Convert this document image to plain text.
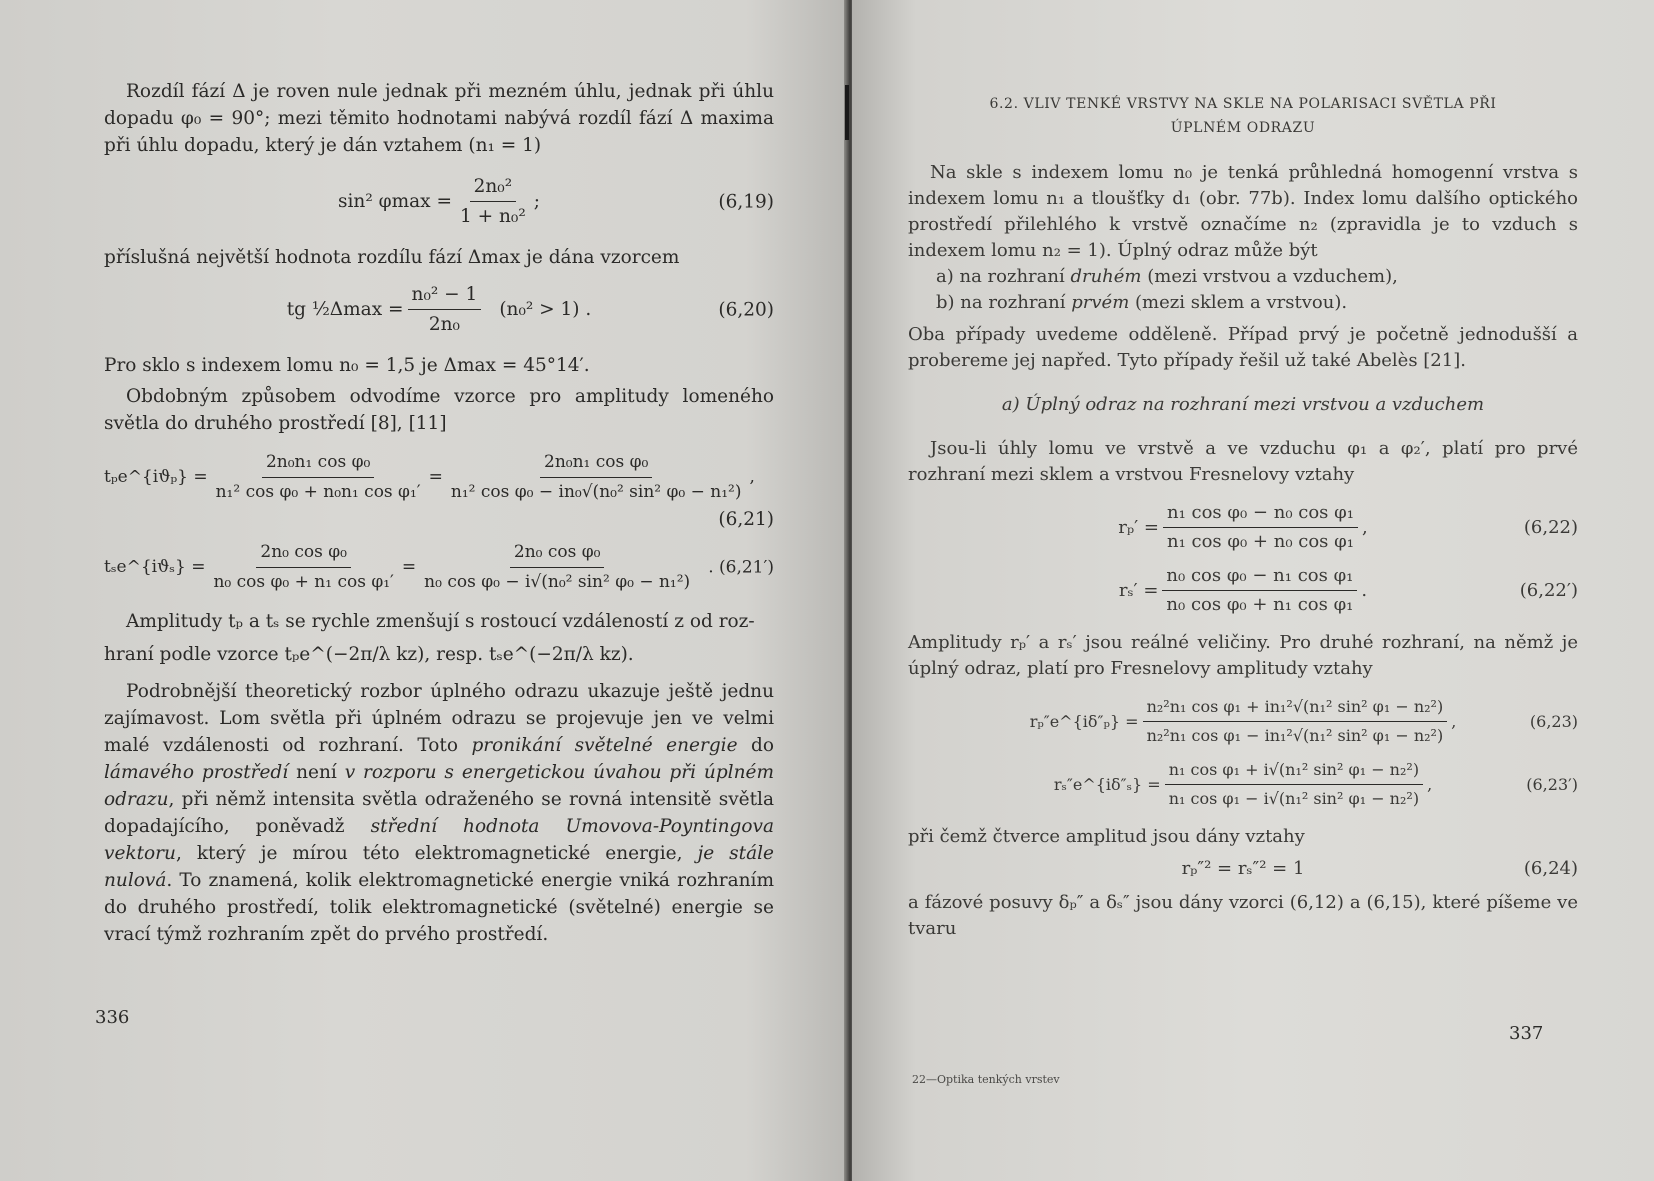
Rozdíl fází Δ je roven nule jednak při mezném úhlu, jednak při úhlu dopadu φ₀ = 90°; mezi těmito hodnotami nabývá rozdíl fází Δ maxima při úhlu dopadu, který je dán vztahem (n₁ = 1)

sin² $\varphi\max = \frac{\text{2n₀²}}{\text{1 + n₀²}}$ ;	(6,19)

příslušná největší hodnota rozdílu fází Δmax je dána vzorcem

tg ½Δmax = $\frac{\text{n₀² − 1}}{\text{2n₀}} (n_0^2 > 1)$ .	(6,20)

Pro sklo s indexem lomu n₀ = 1,5 je Δmax = 45°14′.

Obdobným způsobem odvodíme vzorce pro amplitudy lomeného světla do druhého prostředí [8], [11]

tₚe^{iϑₚ} = $\frac{\text{2n₀n₁ cos φ₀}}{\text{n₁² cos φ₀ + n₀n₁ cos φ₁′}} = \frac{\text{2n₀n₁ cos φ₀}}{\text{n₁² cos φ₀ − in₀√(n₀² sin² φ₀ − n₁²)}}$ ,
(6,21)
tₛe^{iϑₛ} = $\frac{\text{2n₀ cos φ₀}}{\text{n₀ cos φ₀ + n₁ cos φ₁′}} = \frac{\text{2n₀ cos φ₀}}{\text{n₀ cos φ₀ − i√(n₀² sin² φ₀ − n₁²)}}$ . (6,21′)

Amplitudy tₚ a tₛ se rychle zmenšují s rostoucí vzdáleností z od roz-

hraní podle vzorce tₚe^(−2π/λ kz), resp. tₛe^(−2π/λ kz).

Podrobnější theoretický rozbor úplného odrazu ukazuje ještě jednu zajímavost. Lom světla při úplném odrazu se projevuje jen ve velmi malé vzdálenosti od rozhraní. Toto pronikání světelné energie do lámavého prostředí není v rozporu s energetickou úvahou při úplném odrazu, při němž intensita světla odraženého se rovná intensitě světla dopadajícího, poněvadž střední hodnota Umovova-Poyntingova vektoru, který je mírou této elektromagnetické energie, je stále nulová. To znamená, kolik elektromagnetické energie vniká rozhraním do druhého prostředí, tolik elektromagnetické (světelné) energie se vrací týmž rozhraním zpět do prvého prostředí.

336
6.2. VLIV TENKÉ VRSTVY NA SKLE NA POLARISACI SVĚTLA PŘI
ÚPLNÉM ODRAZU

Na skle s indexem lomu n₀ je tenká průhledná homogenní vrstva s indexem lomu n₁ a tloušťky d₁ (obr. 77b). Index lomu dalšího optického prostředí přilehlého k vrstvě označíme n₂ (zpravidla je to vzduch s indexem lomu n₂ = 1). Úplný odraz může být

a) na rozhraní druhém (mezi vrstvou a vzduchem),
b) na rozhraní prvém (mezi sklem a vrstvou).

Oba případy uvedeme odděleně. Případ prvý je početně jednodušší a probereme jej napřed. Tyto případy řešil už také Abelès [21].

a) Úplný odraz na rozhraní mezi vrstvou a vzduchem

Jsou-li úhly lomu ve vrstvě a ve vzduchu φ₁ a φ₂′, platí pro prvé rozhraní mezi sklem a vrstvou Fresnelovy vztahy

$r_p' = \frac{\text{n₁ cos φ₀ − n₀ cos φ₁}}{\text{n₁ cos φ₀ + n₀ cos φ₁}}$ ,	(6,22)
$r_s' = \frac{\text{n₀ cos φ₀ − n₁ cos φ₁}}{\text{n₀ cos φ₀ + n₁ cos φ₁}}$ .	(6,22′)

Amplitudy rₚ′ a rₛ′ jsou reálné veličiny. Pro druhé rozhraní, na němž je úplný odraz, platí pro Fresnelovy amplitudy vztahy

rₚ″e^{iδ″ₚ} = $\frac{\text{n₂²n₁ cos φ₁ + in₁²√(n₁² sin² φ₁ − n₂²)}}{\text{n₂²n₁ cos φ₁ − in₁²√(n₁² sin² φ₁ − n₂²)}}$ ,	(6,23)
rₛ″e^{iδ″ₛ} = $\frac{\text{n₁ cos φ₁ + i√(n₁² sin² φ₁ − n₂²)}}{\text{n₁ cos φ₁ − i√(n₁² sin² φ₁ − n₂²)}}$ ,	(6,23′)

při čemž čtverce amplitud jsou dány vztahy

rₚ″² = rₛ″² = 1	(6,24)

a fázové posuvy δₚ″ a δₛ″ jsou dány vzorci (6,12) a (6,15), které píšeme ve tvaru

22—Optika tenkých vrstev
337
